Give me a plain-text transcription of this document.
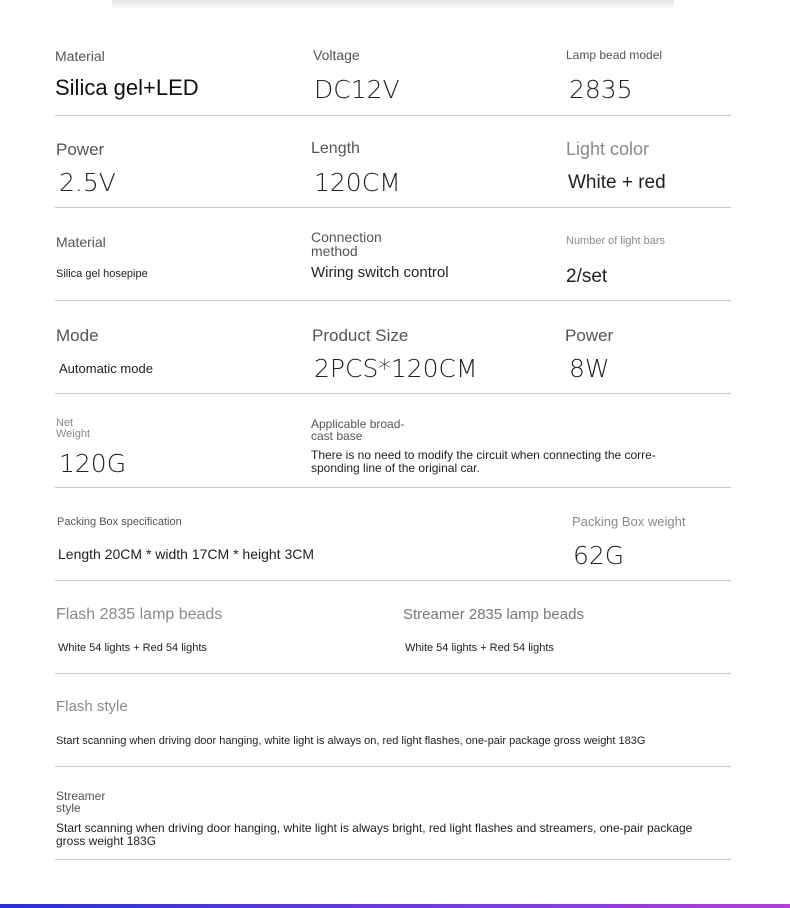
Material
Silica gel+LED
Voltage
DC12V
Lamp bead model
2835
Power
2.5V
Length
120CM
Light color
White + red
Material
Silica gel hosepipe
Connection method
Wiring switch control
Number of light bars
2/set
Mode
Automatic mode
Product Size
2PCS*120CM
Power
8W
Net Weight
120G
Applicable broad-cast base
There is no need to modify the circuit when connecting the corre-sponding line of the original car.
Packing Box specification
Length 20CM * width 17CM * height 3CM
Packing Box weight
62G
Flash 2835 lamp beads
White 54 lights + Red 54 lights
Streamer 2835 lamp beads
White 54 lights + Red 54 lights
Flash style
Start scanning when driving door hanging, white light is always on, red light flashes, one-pair package gross weight 183G
Streamer style
Start scanning when driving door hanging, white light is always bright, red light flashes and streamers, one-pair package gross weight 183G
